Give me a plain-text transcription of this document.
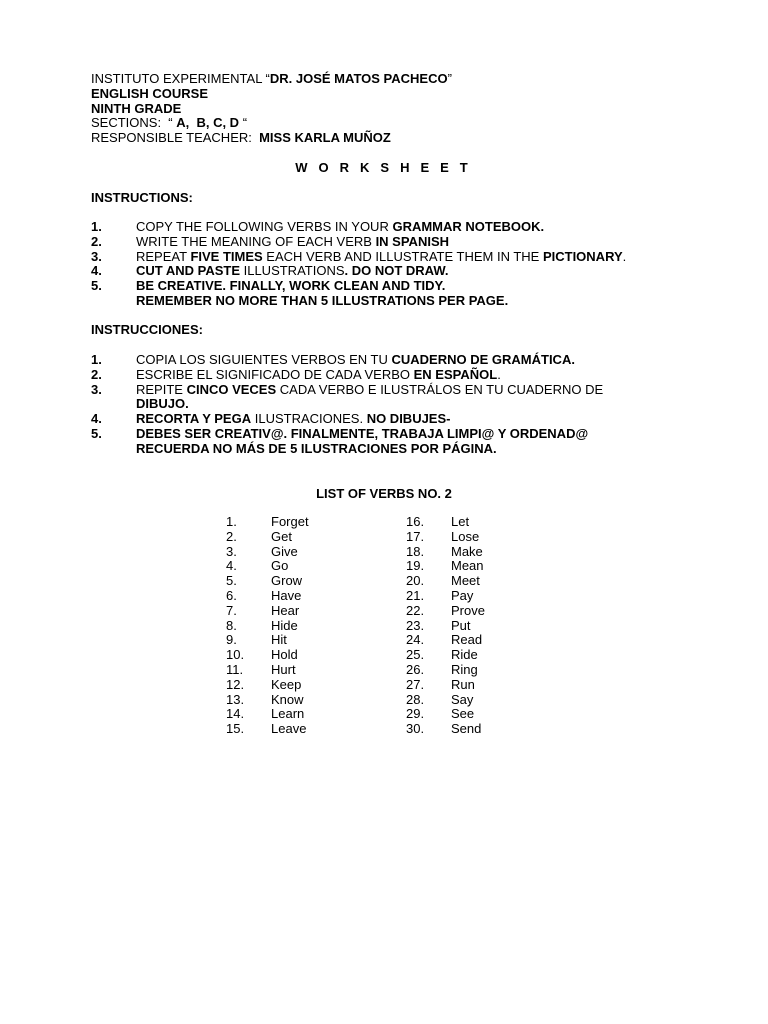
INSTITUTO EXPERIMENTAL “DR. JOSÉ MATOS PACHECO”
ENGLISH COURSE
NINTH GRADE
SECTIONS:  “ A,  B, C, D “
RESPONSIBLE TEACHER:  MISS KARLA MUÑOZ
WORKSHEET
INSTRUCTIONS:
1.	COPY THE FOLLOWING VERBS IN YOUR GRAMMAR NOTEBOOK.
2.	WRITE THE MEANING OF EACH VERB IN SPANISH
3.	REPEAT FIVE TIMES EACH VERB AND ILLUSTRATE THEM IN THE PICTIONARY.
4.	CUT AND PASTE ILLUSTRATIONS. DO NOT DRAW.
5.	BE CREATIVE. FINALLY, WORK CLEAN AND TIDY.
REMEMBER NO MORE THAN 5 ILLUSTRATIONS PER PAGE.
INSTRUCCIONES:
1.	COPIA LOS SIGUIENTES VERBOS EN TU CUADERNO DE GRAMÁTICA.
2.	ESCRIBE EL SIGNIFICADO DE CADA VERBO EN ESPAÑOL.
3.	REPITE CINCO VECES CADA VERBO E ILUSTRÁLOS EN TU CUADERNO DE
DIBUJO.
4.	RECORTA Y PEGA ILUSTRACIONES. NO DIBUJES-
5.	DEBES SER CREATIV@. FINALMENTE, TRABAJA LIMPI@ Y ORDENAD@
RECUERDA NO MÁS DE 5 ILUSTRACIONES POR PÁGINA.
LIST OF VERBS NO. 2
1.	Forget
2.	Get
3.	Give
4.	Go
5.	Grow
6.	Have
7.	Hear
8.	Hide
9.	Hit
10. Hold
11. Hurt
12. Keep
13. Know
14. Learn
15. Leave
16. Let
17. Lose
18. Make
19. Mean
20. Meet
21. Pay
22. Prove
23. Put
24. Read
25. Ride
26. Ring
27. Run
28. Say
29. See
30. Send
